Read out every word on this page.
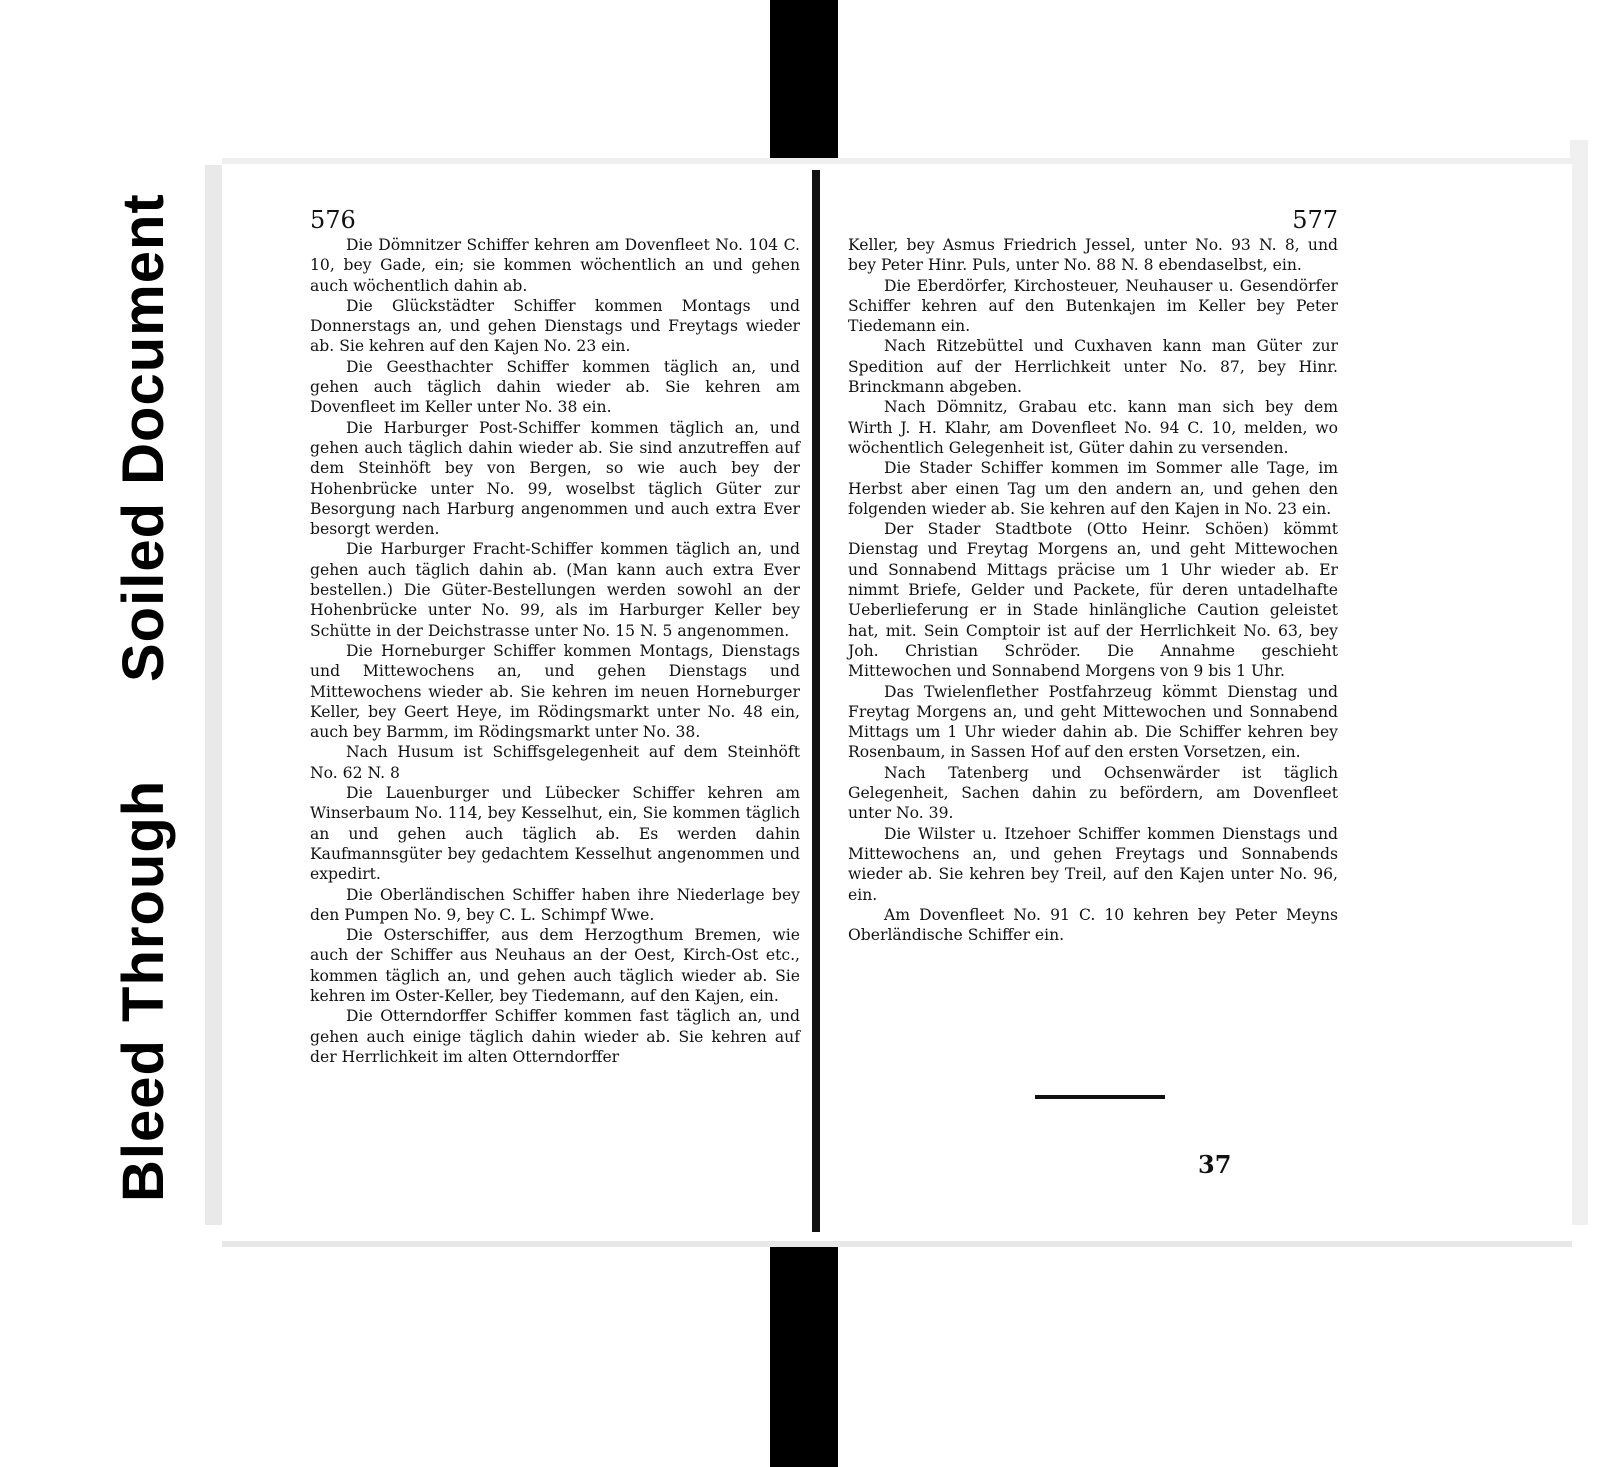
Bleed Through
Soiled Document	576

Die Dömnitzer Schiffer kehren am Dovenfleet No. 104 C. 10, bey Gade, ein; sie kommen wöchentlich an und gehen auch wöchentlich dahin ab.

Die Glückstädter Schiffer kommen Montags und Donnerstags an, und gehen Dienstags und Freytags wieder ab. Sie kehren auf den Kajen No. 23 ein.

Die Geesthachter Schiffer kommen täglich an, und gehen auch täglich dahin wieder ab. Sie kehren am Dovenfleet im Keller unter No. 38 ein.

Die Harburger Post-Schiffer kommen täglich an, und gehen auch täglich dahin wieder ab. Sie sind anzutreffen auf dem Steinhöft bey von Bergen, so wie auch bey der Hohenbrücke unter No. 99, woselbst täglich Güter zur Besorgung nach Harburg angenommen und auch extra Ever besorgt werden.

Die Harburger Fracht-Schiffer kommen täglich an, und gehen auch täglich dahin ab. (Man kann auch extra Ever bestellen.) Die Güter-Bestellungen werden sowohl an der Hohenbrücke unter No. 99, als im Harburger Keller bey Schütte in der Deichstrasse unter No. 15 N. 5 angenommen.

Die Horneburger Schiffer kommen Montags, Dienstags und Mittewochens an, und gehen Dienstags und Mittewochens wieder ab. Sie kehren im neuen Horneburger Keller, bey Geert Heye, im Rödingsmarkt unter No. 48 ein, auch bey Barmm, im Rödingsmarkt unter No. 38.

Nach Husum ist Schiffsgelegenheit auf dem Steinhöft No. 62 N. 8

Die Lauenburger und Lübecker Schiffer kehren am Winserbaum No. 114, bey Kesselhut, ein, Sie kommen täglich an und gehen auch täglich ab. Es werden dahin Kaufmannsgüter bey gedachtem Kesselhut angenommen und expedirt.

Die Oberländischen Schiffer haben ihre Niederlage bey den Pumpen No. 9, bey C. L. Schimpf Wwe.

Die Osterschiffer, aus dem Herzogthum Bremen, wie auch der Schiffer aus Neuhaus an der Oest, Kirch-Ost etc., kommen täglich an, und gehen auch täglich wieder ab. Sie kehren im Oster-Keller, bey Tiedemann, auf den Kajen, ein.

Die Otterndorffer Schiffer kommen fast täglich an, und gehen auch einige täglich dahin wieder ab. Sie kehren auf der Herrlichkeit im alten Otterndorffer

577

Keller, bey Asmus Friedrich Jessel, unter No. 93 N. 8, und bey Peter Hinr. Puls, unter No. 88 N. 8 ebendaselbst, ein.

Die Eberdörfer, Kirchosteuer, Neuhauser u. Gesendörfer Schiffer kehren auf den Butenkajen im Keller bey Peter Tiedemann ein.

Nach Ritzebüttel und Cuxhaven kann man Güter zur Spedition auf der Herrlichkeit unter No. 87, bey Hinr. Brinckmann abgeben.

Nach Dömnitz, Grabau etc. kann man sich bey dem Wirth J. H. Klahr, am Dovenfleet No. 94 C. 10, melden, wo wöchentlich Gelegenheit ist, Güter dahin zu versenden.

Die Stader Schiffer kommen im Sommer alle Tage, im Herbst aber einen Tag um den andern an, und gehen den folgenden wieder ab. Sie kehren auf den Kajen in No. 23 ein.

Der Stader Stadtbote (Otto Heinr. Schöen) kömmt Dienstag und Freytag Morgens an, und geht Mittewochen und Sonnabend Mittags präcise um 1 Uhr wieder ab. Er nimmt Briefe, Gelder und Packete, für deren untadelhafte Ueberlieferung er in Stade hinlängliche Caution geleistet hat, mit. Sein Comptoir ist auf der Herrlichkeit No. 63, bey Joh. Christian Schröder. Die Annahme geschieht Mittewochen und Sonnabend Morgens von 9 bis 1 Uhr.

Das Twielenflether Postfahrzeug kömmt Dienstag und Freytag Morgens an, und geht Mittewochen und Sonnabend Mittags um 1 Uhr wieder dahin ab. Die Schiffer kehren bey Rosenbaum, in Sassen Hof auf den ersten Vorsetzen, ein.

Nach Tatenberg und Ochsenwärder ist täglich Gelegenheit, Sachen dahin zu befördern, am Dovenfleet unter No. 39.

Die Wilster u. Itzehoer Schiffer kommen Dienstags und Mittewochens an, und gehen Freytags und Sonnabends wieder ab. Sie kehren bey Treil, auf den Kajen unter No. 96, ein.

Am Dovenfleet No. 91 C. 10 kehren bey Peter Meyns Oberländische Schiffer ein.

37
